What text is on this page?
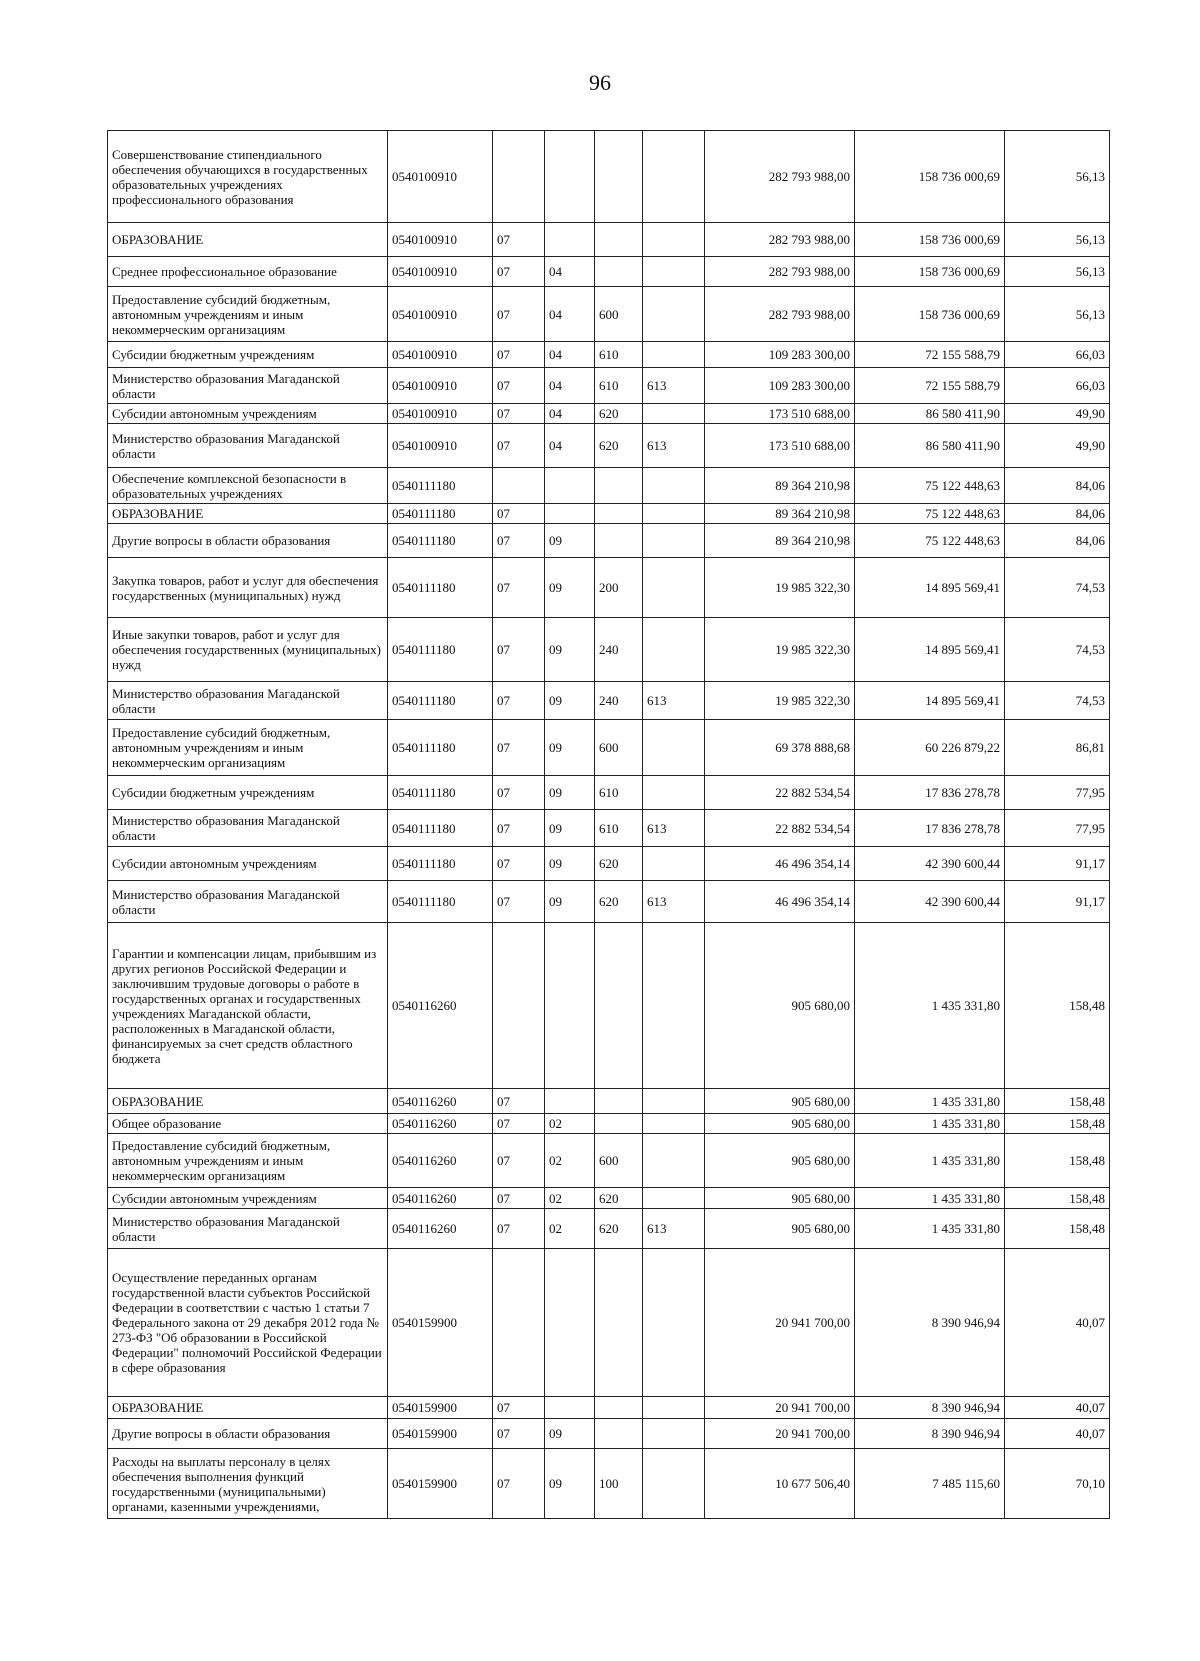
96
Совершенствование стипендиального обеспечения обучающихся в государственных образовательных учреждениях профессионального образования	0540100910					282 793 988,00	158 736 000,69	56,13
ОБРАЗОВАНИЕ	0540100910	07				282 793 988,00	158 736 000,69	56,13
Среднее профессиональное образование	0540100910	07	04			282 793 988,00	158 736 000,69	56,13
Предоставление субсидий бюджетным, автономным учреждениям и иным некоммерческим организациям	0540100910	07	04	600		282 793 988,00	158 736 000,69	56,13
Субсидии бюджетным учреждениям	0540100910	07	04	610		109 283 300,00	72 155 588,79	66,03
Министерство образования Магаданской области	0540100910	07	04	610	613	109 283 300,00	72 155 588,79	66,03
Субсидии автономным учреждениям	0540100910	07	04	620		173 510 688,00	86 580 411,90	49,90
Министерство образования Магаданской области	0540100910	07	04	620	613	173 510 688,00	86 580 411,90	49,90
Обеспечение комплексной безопасности в образовательных учреждениях	0540111180					89 364 210,98	75 122 448,63	84,06
ОБРАЗОВАНИЕ	0540111180	07				89 364 210,98	75 122 448,63	84,06
Другие вопросы в области образования	0540111180	07	09			89 364 210,98	75 122 448,63	84,06
Закупка товаров, работ и услуг для обеспечения государственных (муниципальных) нужд	0540111180	07	09	200		19 985 322,30	14 895 569,41	74,53
Иные закупки товаров, работ и услуг для обеспечения государственных (муниципальных) нужд	0540111180	07	09	240		19 985 322,30	14 895 569,41	74,53
Министерство образования Магаданской области	0540111180	07	09	240	613	19 985 322,30	14 895 569,41	74,53
Предоставление субсидий бюджетным, автономным учреждениям и иным некоммерческим организациям	0540111180	07	09	600		69 378 888,68	60 226 879,22	86,81
Субсидии бюджетным учреждениям	0540111180	07	09	610		22 882 534,54	17 836 278,78	77,95
Министерство образования Магаданской области	0540111180	07	09	610	613	22 882 534,54	17 836 278,78	77,95
Субсидии автономным учреждениям	0540111180	07	09	620		46 496 354,14	42 390 600,44	91,17
Министерство образования Магаданской области	0540111180	07	09	620	613	46 496 354,14	42 390 600,44	91,17
Гарантии и компенсации лицам, прибывшим из других регионов Российской Федерации и заключившим трудовые договоры о работе в государственных органах и государственных учреждениях Магаданской области, расположенных в Магаданской области, финансируемых за счет средств областного бюджета	0540116260					905 680,00	1 435 331,80	158,48
ОБРАЗОВАНИЕ	0540116260	07				905 680,00	1 435 331,80	158,48
Общее образование	0540116260	07	02			905 680,00	1 435 331,80	158,48
Предоставление субсидий бюджетным, автономным учреждениям и иным некоммерческим организациям	0540116260	07	02	600		905 680,00	1 435 331,80	158,48
Субсидии автономным учреждениям	0540116260	07	02	620		905 680,00	1 435 331,80	158,48
Министерство образования Магаданской области	0540116260	07	02	620	613	905 680,00	1 435 331,80	158,48
Осуществление переданных органам государственной власти субъектов Российской Федерации в соответствии с частью 1 статьи 7 Федерального закона от 29 декабря 2012 года № 273-ФЗ "Об образовании в Российской Федерации" полномочий Российской Федерации в сфере образования	0540159900					20 941 700,00	8 390 946,94	40,07
ОБРАЗОВАНИЕ	0540159900	07				20 941 700,00	8 390 946,94	40,07
Другие вопросы в области образования	0540159900	07	09			20 941 700,00	8 390 946,94	40,07
Расходы на выплаты персоналу в целях обеспечения выполнения функций государственными (муниципальными) органами, казенными учреждениями,	0540159900	07	09	100		10 677 506,40	7 485 115,60	70,10
